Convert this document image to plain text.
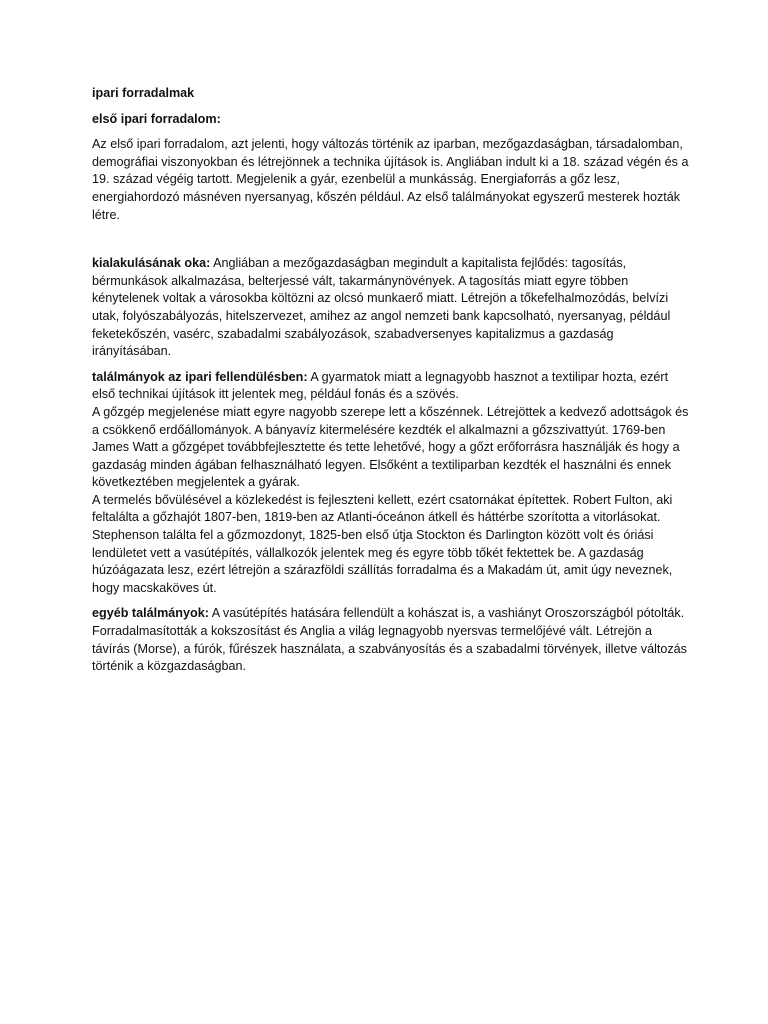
ipari forradalmak

első ipari forradalom:

Az első ipari forradalom, azt jelenti, hogy változás történik az iparban, mezőgazdaságban, társadalomban, demográfiai viszonyokban és létrejönnek a technika újítások is. Angliában indult ki a 18. század végén és a 19. század végéig tartott. Megjelenik a gyár, ezenbelül a munkásság. Energiaforrás a gőz lesz, energiahordozó másnéven nyersanyag, kőszén például. Az első találmányokat egyszerű mesterek hozták létre.

kialakulásának oka: Angliában a mezőgazdaságban megindult a kapitalista fejlődés: tagosítás, bérmunkások alkalmazása, belterjessé vált, takarmánynövények. A tagosítás miatt egyre többen kénytelenek voltak a városokba költözni az olcsó munkaerő miatt. Létrejön a tőkefelhalmozódás, belvízi utak, folyószabályozás, hitelszervezet, amihez az angol nemzeti bank kapcsolható, nyersanyag, például feketekőszén, vasérc, szabadalmi szabályozások, szabadversenyes kapitalizmus a gazdaság irányításában.

találmányok az ipari fellendülésben: A gyarmatok miatt a legnagyobb hasznot a textilipar hozta, ezért első technikai újítások itt jelentek meg, például fonás és a szövés.

A gőzgép megjelenése miatt egyre nagyobb szerepe lett a kőszénnek. Létrejöttek a kedvező adottságok és a csökkenő erdőállományok. A bányavíz kitermelésére kezdték el alkalmazni a gőzszivattyút. 1769-ben James Watt a gőzgépet továbbfejlesztette és tette lehetővé, hogy a gőzt erőforrásra használják és hogy a gazdaság minden ágában felhasználható legyen. Elsőként a textiliparban kezdték el használni és ennek következtében megjelentek a gyárak.

A termelés bővülésével a közlekedést is fejleszteni kellett, ezért csatornákat építettek. Robert Fulton, aki feltalálta a gőzhajót 1807-ben, 1819-ben az Atlanti-óceánon átkell és háttérbe szorította a vitorlásokat. Stephenson találta fel a gőzmozdonyt, 1825-ben első útja Stockton és Darlington között volt és óriási lendületet vett a vasútépítés, vállalkozók jelentek meg és egyre több tőkét fektettek be. A gazdaság húzóágazata lesz, ezért létrejön a szárazföldi szállítás forradalma és a Makadám út, amit úgy neveznek, hogy macskaköves út.

egyéb találmányok: A vasútépítés hatására fellendült a kohászat is, a vashiányt Oroszországból pótolták. Forradalmasították a kokszosítást és Anglia a világ legnagyobb nyersvas termelőjévé vált. Létrejön a távírás (Morse), a fúrók, fűrészek használata, a szabványosítás és a szabadalmi törvények, illetve változás történik a közgazdaságban.
